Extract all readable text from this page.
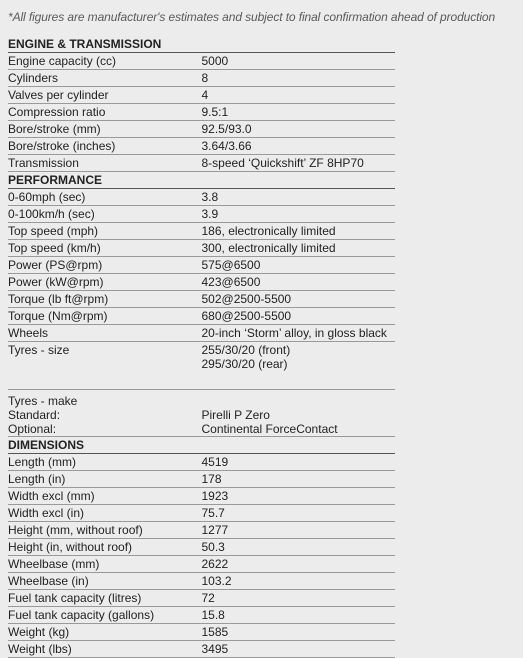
*All figures are manufacturer's estimates and subject to final confirmation ahead of production
ENGINE & TRANSMISSION	
Engine capacity (cc)	5000
Cylinders	8
Valves per cylinder	4
Compression ratio	9.5:1
Bore/stroke (mm)	92.5/93.0
Bore/stroke (inches)	3.64/3.66
Transmission	8-speed ‘Quickshift’ ZF 8HP70
PERFORMANCE	
0-60mph (sec)	3.8
0-100km/h (sec)	3.9
Top speed (mph)	186, electronically limited
Top speed (km/h)	300, electronically limited
Power (PS@rpm)	575@6500
Power (kW@rpm)	423@6500
Torque (lb ft@rpm)	502@2500-5500
Torque (Nm@rpm)	680@2500-5500
Wheels	20-inch ‘Storm’ alloy, in gloss black
Tyres - size	255/30/20 (front)
295/30/20 (rear)

Tyres - make	
Standard:	Pirelli P Zero
Optional:	Continental ForceContact
DIMENSIONS	
Length (mm)	4519
Length (in)	178
Width excl (mm)	1923
Width excl (in)	75.7
Height (mm, without roof)	1277
Height (in, without roof)	50.3
Wheelbase (mm)	2622
Wheelbase (in)	103.2
Fuel tank capacity (litres)	72
Fuel tank capacity (gallons)	15.8
Weight (kg)	1585
Weight (lbs)	3495
